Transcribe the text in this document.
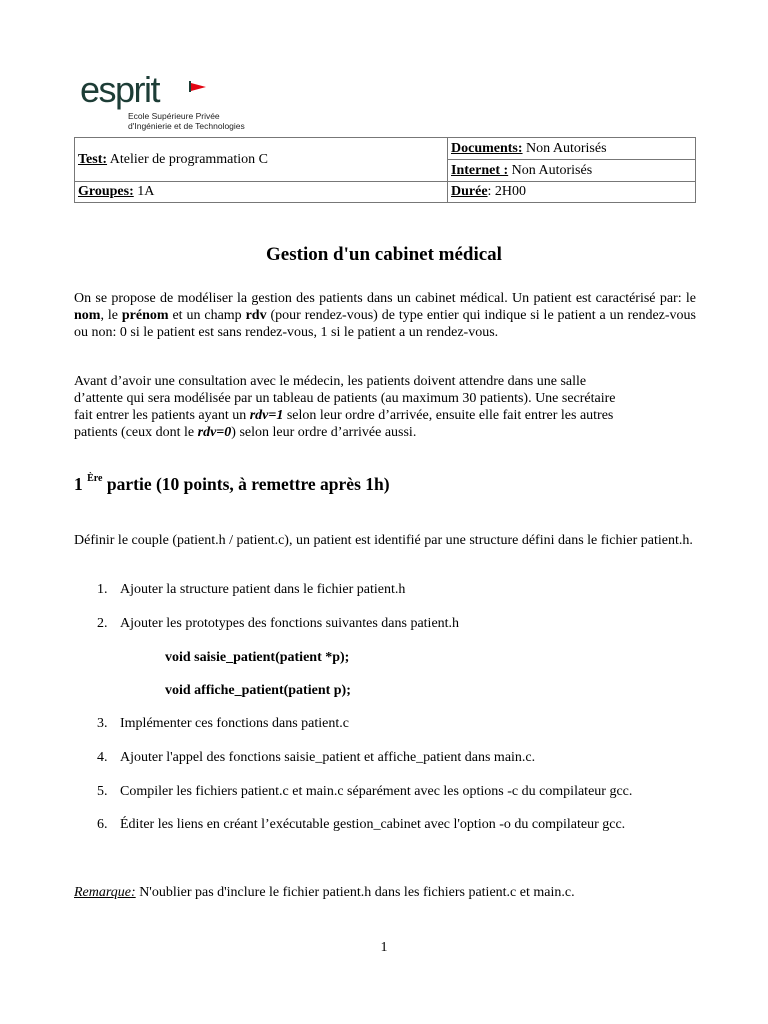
esprit
Ecole Supérieure Privée
d'Ingénierie et de Technologies
Test: Atelier de programmation C	Documents: Non Autorisés
	Internet : Non Autorisés
Groupes: 1A	Durée: 2H00
Gestion d'un cabinet médical

On se propose de modéliser la gestion des patients dans un cabinet médical. Un patient est caractérisé par: le nom, le prénom et un champ rdv (pour rendez-vous) de type entier qui indique si le patient a un rendez-vous ou non: 0 si le patient est sans rendez-vous, 1 si le patient a un rendez-vous.

Avant d’avoir une consultation avec le médecin, les patients doivent attendre dans une salle
d’attente qui sera modélisée par un tableau de patients (au maximum 30 patients). Une secrétaire
fait entrer les patients ayant un rdv=1 selon leur ordre d’arrivée, ensuite elle fait entrer les autres
patients (ceux dont le rdv=0) selon leur ordre d’arrivée aussi.
1 $^{Ère}$ partie (10 points, à remettre après 1h)

Définir le couple (patient.h / patient.c), un patient est identifié par une structure défini dans le fichier patient.h.

1. Ajouter la structure patient dans le fichier patient.h
2. Ajouter les prototypes des fonctions suivantes dans patient.h
void saisie_patient(patient *p);
void affiche_patient(patient p);
3. Implémenter ces fonctions dans patient.c
4. Ajouter l'appel des fonctions saisie_patient et affiche_patient dans main.c.
5. Compiler les fichiers patient.c et main.c séparément avec les options -c du compilateur gcc.
6. Éditer les liens en créant l’exécutable gestion_cabinet avec l'option -o du compilateur gcc.
Remarque: N'oublier pas d'inclure le fichier patient.h dans les fichiers patient.c et main.c.
1
